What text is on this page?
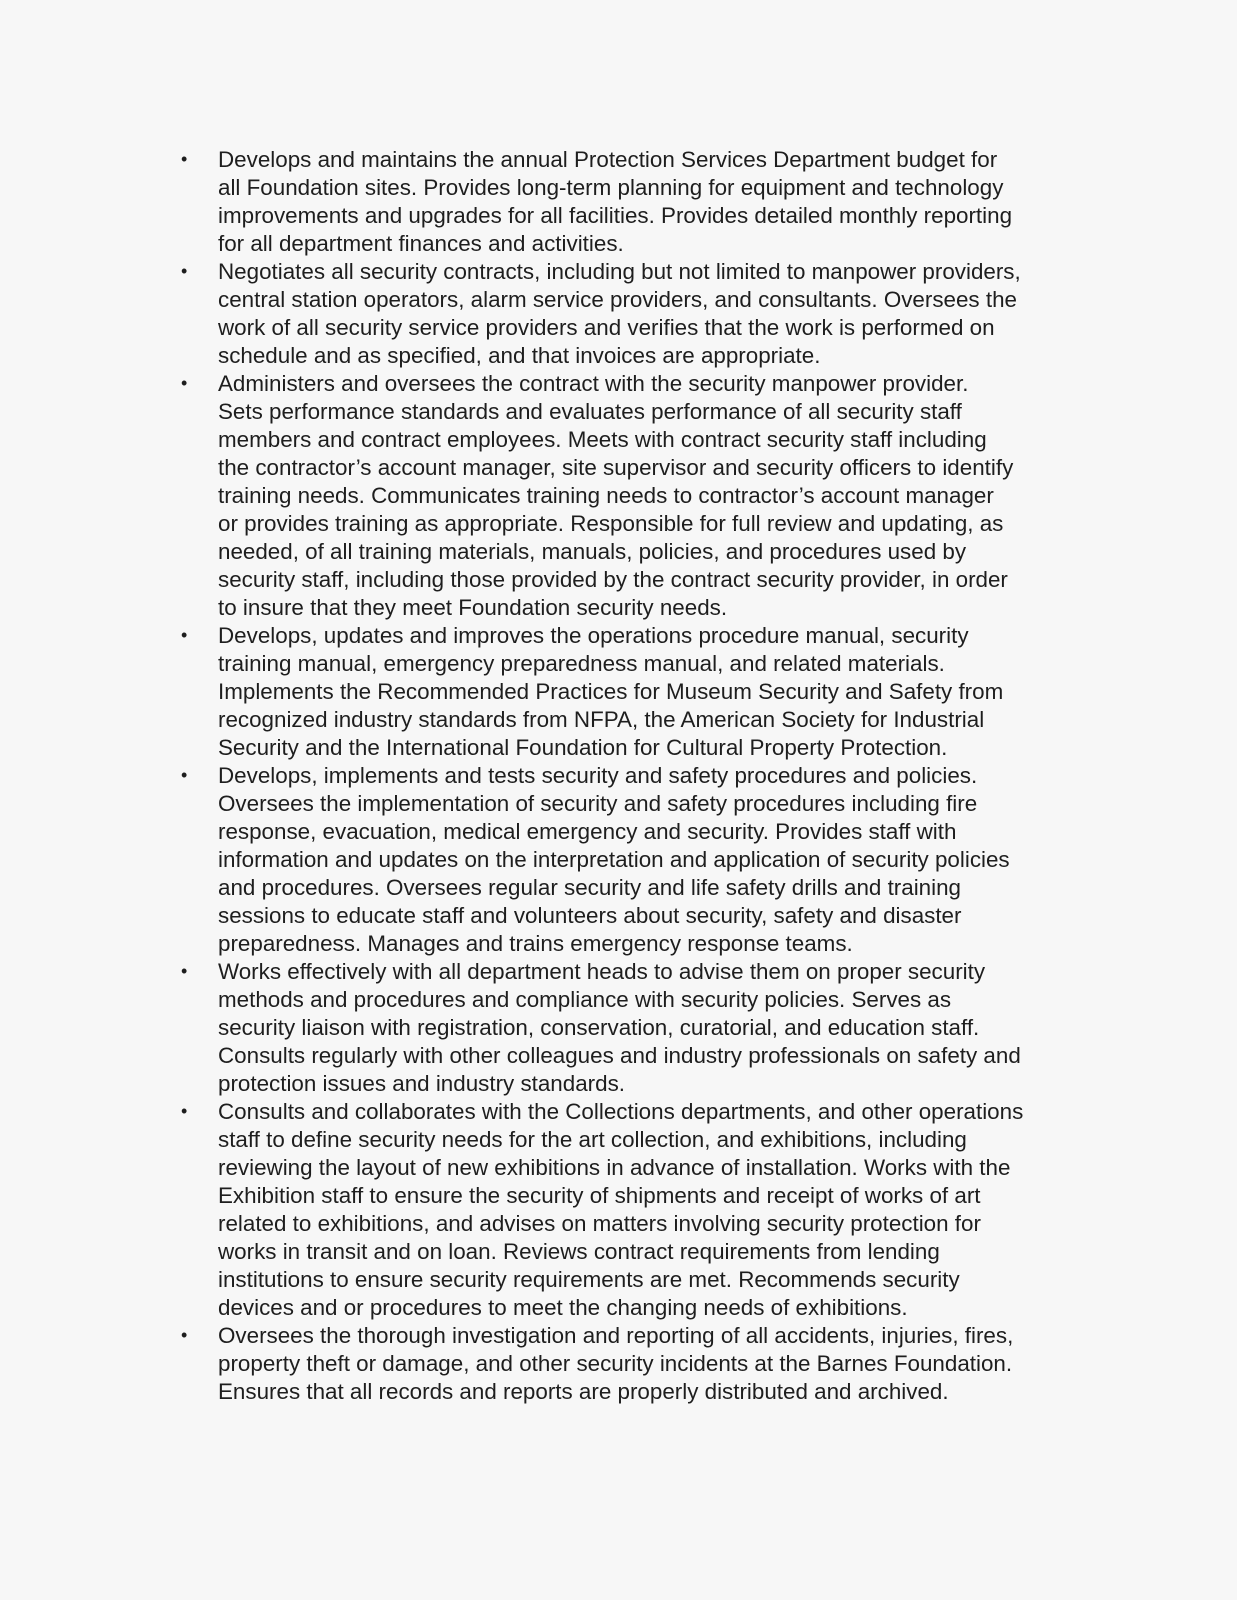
• Develops and maintains the annual Protection Services Department budget for
all Foundation sites. Provides long-term planning for equipment and technology
improvements and upgrades for all facilities. Provides detailed monthly reporting
for all department finances and activities.
• Negotiates all security contracts, including but not limited to manpower providers,
central station operators, alarm service providers, and consultants. Oversees the
work of all security service providers and verifies that the work is performed on
schedule and as specified, and that invoices are appropriate.
• Administers and oversees the contract with the security manpower provider.
Sets performance standards and evaluates performance of all security staff
members and contract employees. Meets with contract security staff including
the contractor’s account manager, site supervisor and security officers to identify
training needs. Communicates training needs to contractor’s account manager
or provides training as appropriate. Responsible for full review and updating, as
needed, of all training materials, manuals, policies, and procedures used by
security staff, including those provided by the contract security provider, in order
to insure that they meet Foundation security needs.
• Develops, updates and improves the operations procedure manual, security
training manual, emergency preparedness manual, and related materials.
Implements the Recommended Practices for Museum Security and Safety from
recognized industry standards from NFPA, the American Society for Industrial
Security and the International Foundation for Cultural Property Protection.
• Develops, implements and tests security and safety procedures and policies.
Oversees the implementation of security and safety procedures including fire
response, evacuation, medical emergency and security. Provides staff with
information and updates on the interpretation and application of security policies
and procedures. Oversees regular security and life safety drills and training
sessions to educate staff and volunteers about security, safety and disaster
preparedness. Manages and trains emergency response teams.
• Works effectively with all department heads to advise them on proper security
methods and procedures and compliance with security policies. Serves as
security liaison with registration, conservation, curatorial, and education staff.
Consults regularly with other colleagues and industry professionals on safety and
protection issues and industry standards.
• Consults and collaborates with the Collections departments, and other operations
staff to define security needs for the art collection, and exhibitions, including
reviewing the layout of new exhibitions in advance of installation. Works with the
Exhibition staff to ensure the security of shipments and receipt of works of art
related to exhibitions, and advises on matters involving security protection for
works in transit and on loan. Reviews contract requirements from lending
institutions to ensure security requirements are met. Recommends security
devices and or procedures to meet the changing needs of exhibitions.
• Oversees the thorough investigation and reporting of all accidents, injuries, fires,
property theft or damage, and other security incidents at the Barnes Foundation.
Ensures that all records and reports are properly distributed and archived.
